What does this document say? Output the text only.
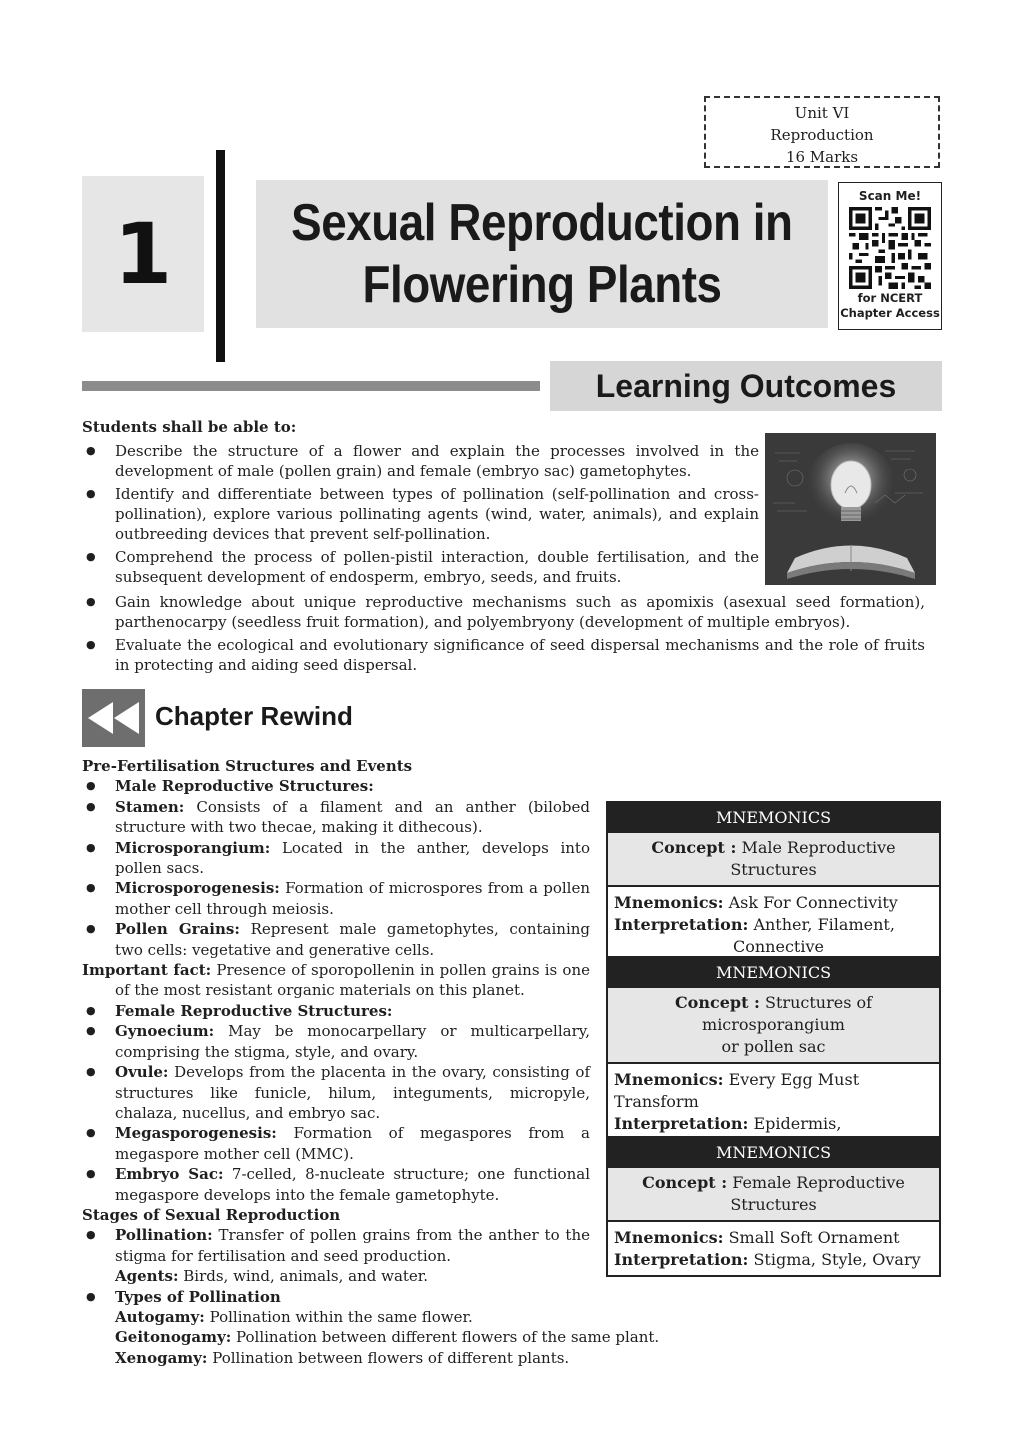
Unit VI
Reproduction
16 Marks
1 Sexual Reproduction in
Flowering Plants
Scan Me!
for NCERT
Chapter Access
Learning Outcomes
Students shall be able to:
● Describe the structure of a flower and explain the processes involved in the development of male (pollen grain) and female (embryo sac) gametophytes.
● Identify and differentiate between types of pollination (self-pollination and cross-pollination), explore various pollinating agents (wind, water, animals), and explain outbreeding devices that prevent self-pollination.
● Comprehend the process of pollen-pistil interaction, double fertilisation, and the subsequent development of endosperm, embryo, seeds, and fruits.
● Gain knowledge about unique reproductive mechanisms such as apomixis (asexual seed formation), parthenocarpy (seedless fruit formation), and polyembryony (development of multiple embryos).
● Evaluate the ecological and evolutionary significance of seed dispersal mechanisms and the role of fruits in protecting and aiding seed dispersal.
Chapter Rewind

Pre-Fertilisation Structures and Events

● Male Reproductive Structures:

● Stamen: Consists of a filament and an anther (bilobed structure with two thecae, making it dithecous).

● Microsporangium: Located in the anther, develops into pollen sacs.

● Microsporogenesis: Formation of microspores from a pollen mother cell through meiosis.

● Pollen Grains: Represent male gametophytes, containing two cells: vegetative and generative cells.

Important fact: Presence of sporopollenin in pollen grains is one of the most resistant organic materials on this planet.

● Female Reproductive Structures:

● Gynoecium: May be monocarpellary or multicarpellary, comprising the stigma, style, and ovary.

● Ovule: Develops from the placenta in the ovary, consisting of structures like funicle, hilum, integuments, micropyle, chalaza, nucellus, and embryo sac.

● Megasporogenesis: Formation of megaspores from a megaspore mother cell (MMC).

● Embryo Sac: 7-celled, 8-nucleate structure; one functional megaspore develops into the female gametophyte.

Stages of Sexual Reproduction

● Pollination: Transfer of pollen grains from the anther to the stigma for fertilisation and seed production.

Agents: Birds, wind, animals, and water.

● Types of Pollination

Autogamy: Pollination within the same flower.

Geitonogamy: Pollination between different flowers of the same plant.

Xenogamy: Pollination between flowers of different plants.

MNEMONICS
Concept : Male Reproductive Structures
Mnemonics: Ask For Connectivity
Interpretation: Anther, Filament,
Connective
MNEMONICS
Concept : Structures of microsporangium
or pollen sac
Mnemonics: Every Egg Must Transform
Interpretation: Epidermis,
MNEMONICS
Concept : Female Reproductive Structures
Mnemonics: Small Soft Ornament
Interpretation: Stigma, Style, Ovary
